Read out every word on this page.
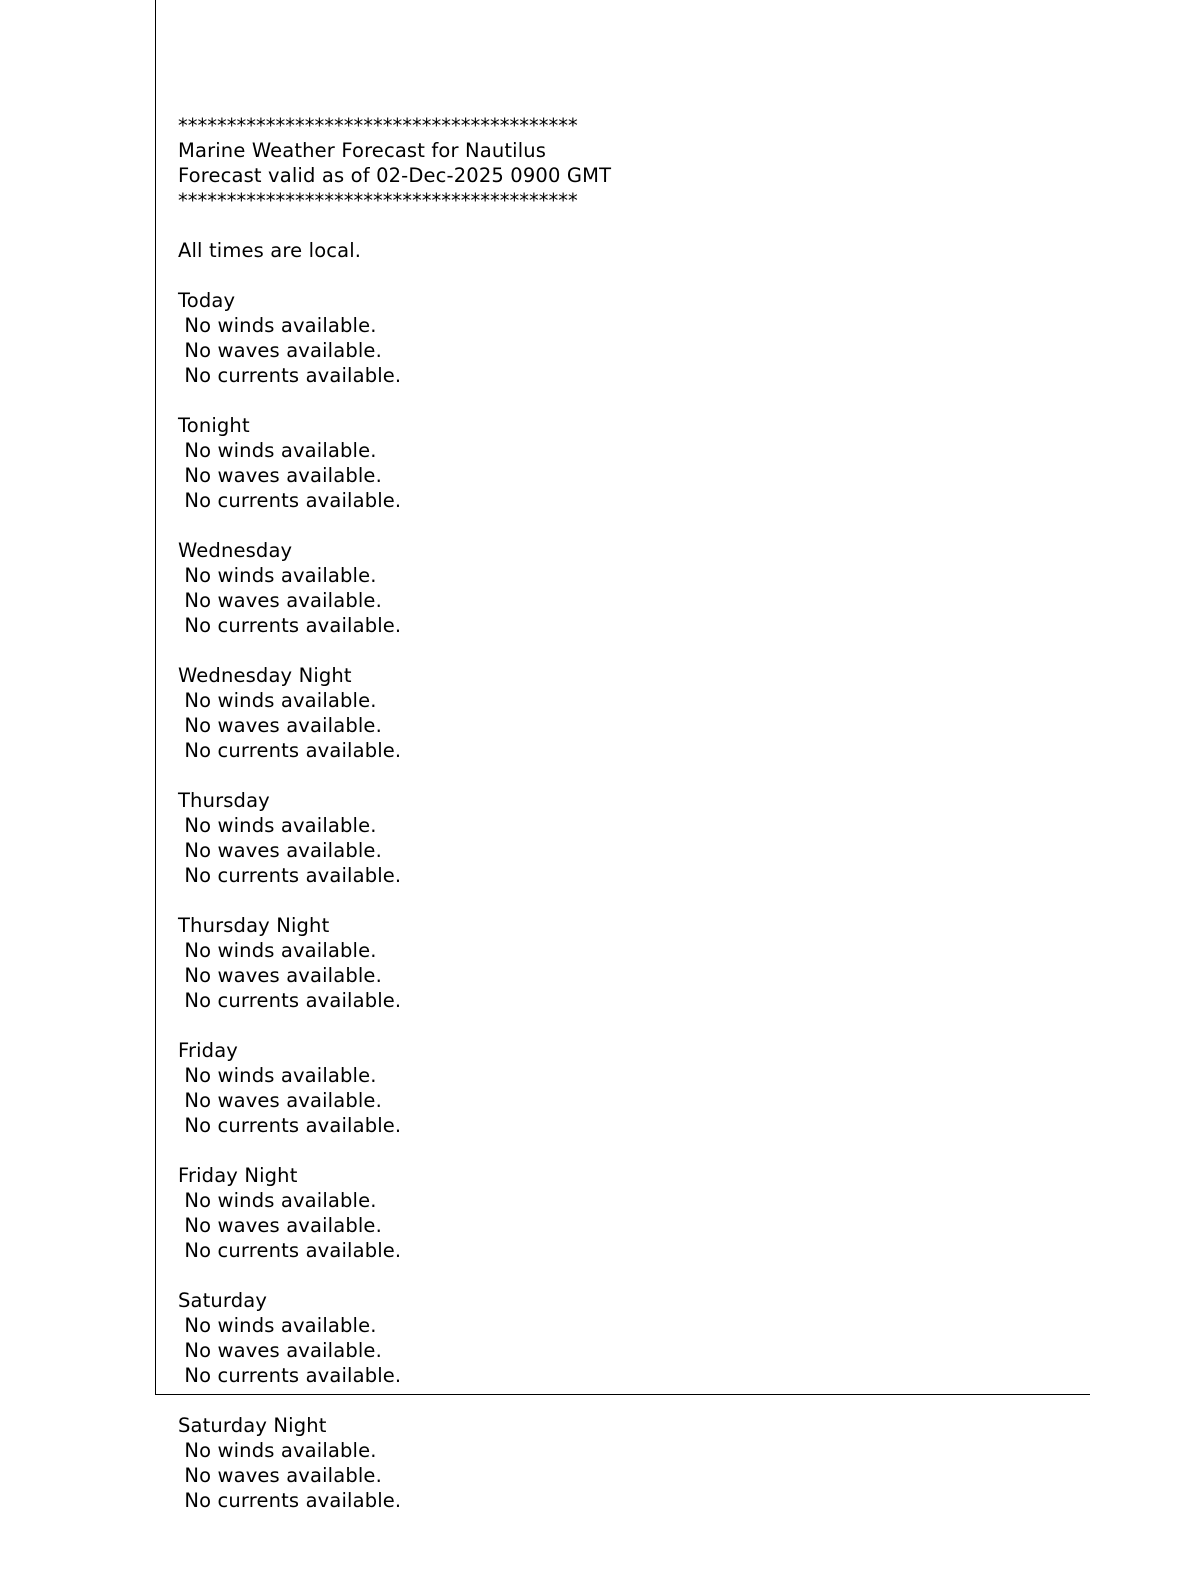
*****************************************
Marine Weather Forecast for Nautilus
Forecast valid as of 02-Dec-2025 0900 GMT
*****************************************
All times are local.
Today
No winds available.
No waves available.
No currents available.
Tonight
No winds available.
No waves available.
No currents available.
Wednesday
No winds available.
No waves available.
No currents available.
Wednesday Night
No winds available.
No waves available.
No currents available.
Thursday
No winds available.
No waves available.
No currents available.
Thursday Night
No winds available.
No waves available.
No currents available.
Friday
No winds available.
No waves available.
No currents available.
Friday Night
No winds available.
No waves available.
No currents available.
Saturday
No winds available.
No waves available.
No currents available.
Saturday Night
No winds available.
No waves available.
No currents available.
